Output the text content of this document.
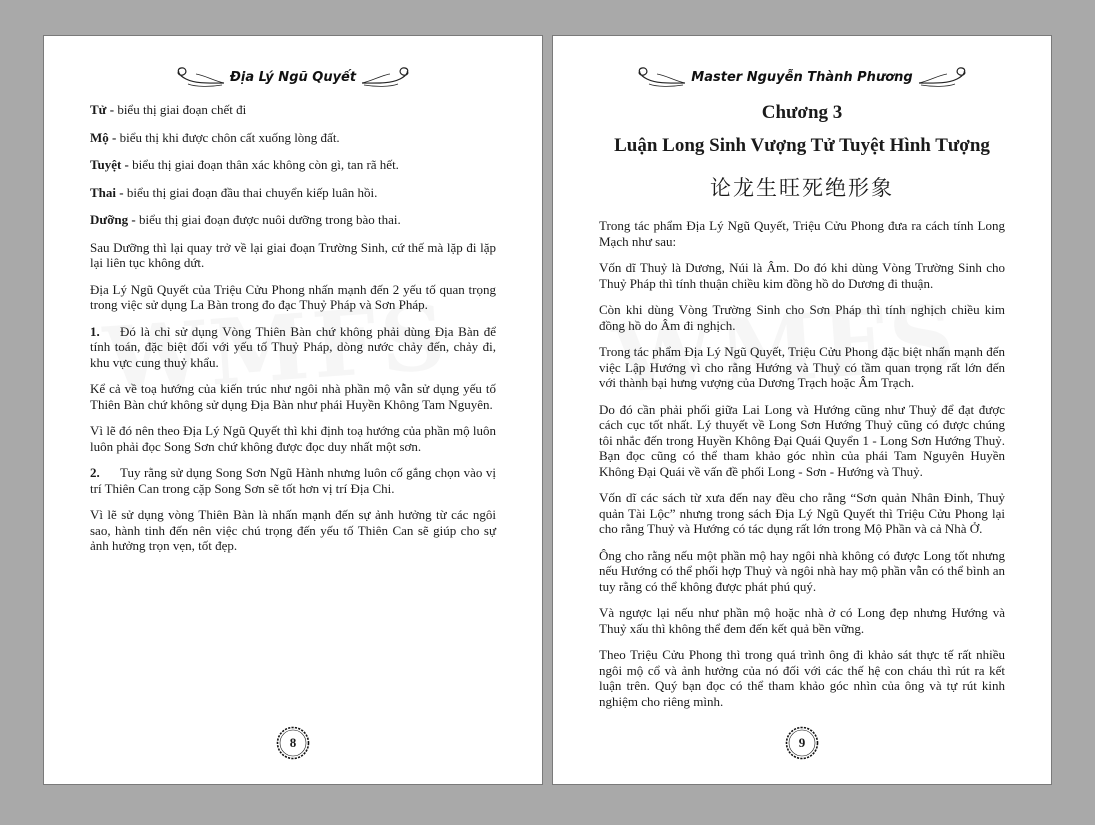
Địa Lý Ngũ Quyết

Tử - biểu thị giai đoạn chết đi

Mộ - biểu thị khi được chôn cất xuống lòng đất.

Tuyệt - biểu thị giai đoạn thân xác không còn gì, tan rã hết.

Thai - biểu thị giai đoạn đầu thai chuyển kiếp luân hồi.

Dưỡng - biểu thị giai đoạn được nuôi dưỡng trong bào thai.

Sau Dưỡng thì lại quay trở về lại giai đoạn Trường Sinh, cứ thế mà lặp đi lặp lại liên tục không dứt.

Địa Lý Ngũ Quyết của Triệu Cửu Phong nhấn mạnh đến 2 yếu tố quan trọng trong việc sử dụng La Bàn trong đo đạc Thuỷ Pháp và Sơn Pháp.

1. Đó là chỉ sử dụng Vòng Thiên Bàn chứ không phải dùng Địa Bàn để tính toán, đặc biệt đối với yếu tố Thuỷ Pháp, dòng nước chảy đến, chảy đi, khu vực cung thuỷ khẩu.

Kể cả về toạ hướng của kiến trúc như ngôi nhà phần mộ vẫn sử dụng yếu tố Thiên Bàn chứ không sử dụng Địa Bàn như phái Huyền Không Tam Nguyên.

Vì lẽ đó nên theo Địa Lý Ngũ Quyết thì khi định toạ hướng của phần mộ luôn luôn phải đọc Song Sơn chứ không được đọc duy nhất một sơn.

2. Tuy rằng sử dụng Song Sơn Ngũ Hành nhưng luôn cố gắng chọn vào vị trí Thiên Can trong cặp Song Sơn sẽ tốt hơn vị trí Địa Chi.

Vì lẽ sử dụng vòng Thiên Bàn là nhấn mạnh đến sự ảnh hưởng từ các ngôi sao, hành tinh đến nên việc chú trọng đến yếu tố Thiên Can sẽ giúp cho sự ảnh hưởng trọn vẹn, tốt đẹp.

8
Master Nguyễn Thành Phương
Chương 3
Luận Long Sinh Vượng Tử Tuyệt Hình Tượng
论龙生旺死绝形象

Trong tác phẩm Địa Lý Ngũ Quyết, Triệu Cửu Phong đưa ra cách tính Long Mạch như sau:

Vốn dĩ Thuỷ là Dương, Núi là Âm. Do đó khi dùng Vòng Trường Sinh cho Thuỷ Pháp thì tính thuận chiều kim đồng hồ do Dương đi thuận.

Còn khi dùng Vòng Trường Sinh cho Sơn Pháp thì tính nghịch chiều kim đồng hồ do Âm đi nghịch.

Trong tác phẩm Địa Lý Ngũ Quyết, Triệu Cửu Phong đặc biệt nhấn mạnh đến việc Lập Hướng vì cho rằng Hướng và Thuỷ có tầm quan trọng rất lớn đến với thành bại hưng vượng của Dương Trạch hoặc Âm Trạch.

Do đó cần phải phối giữa Lai Long và Hướng cũng như Thuỷ để đạt được cách cục tốt nhất. Lý thuyết về Long Sơn Hướng Thuỷ cũng có được chúng tôi nhắc đến trong Huyền Không Đại Quái Quyển 1 - Long Sơn Hướng Thuỷ. Bạn đọc cũng có thể tham khảo góc nhìn của phái Tam Nguyên Huyền Không Đại Quái về vấn đề phối Long - Sơn - Hướng và Thuỷ.

Vốn dĩ các sách từ xưa đến nay đều cho rằng “Sơn quản Nhân Đinh, Thuỷ quản Tài Lộc” nhưng trong sách Địa Lý Ngũ Quyết thì Triệu Cửu Phong lại cho rằng Thuỷ và Hướng có tác dụng rất lớn trong Mộ Phần và cả Nhà Ở.

Ông cho rằng nếu một phần mộ hay ngôi nhà không có được Long tốt nhưng nếu Hướng có thể phối hợp Thuỷ và ngôi nhà hay mộ phần vẫn có thể bình an tuy rằng có thể không được phát phú quý.

Và ngược lại nếu như phần mộ hoặc nhà ở có Long đẹp nhưng Hướng và Thuỷ xấu thì không thể đem đến kết quả bền vững.

Theo Triệu Cửu Phong thì trong quá trình ông đi khảo sát thực tế rất nhiều ngôi mộ cổ và ảnh hưởng của nó đối với các thế hệ con cháu thì rút ra kết luận trên. Quý bạn đọc có thể tham khảo góc nhìn của ông và tự rút kinh nghiệm cho riêng mình.

9
